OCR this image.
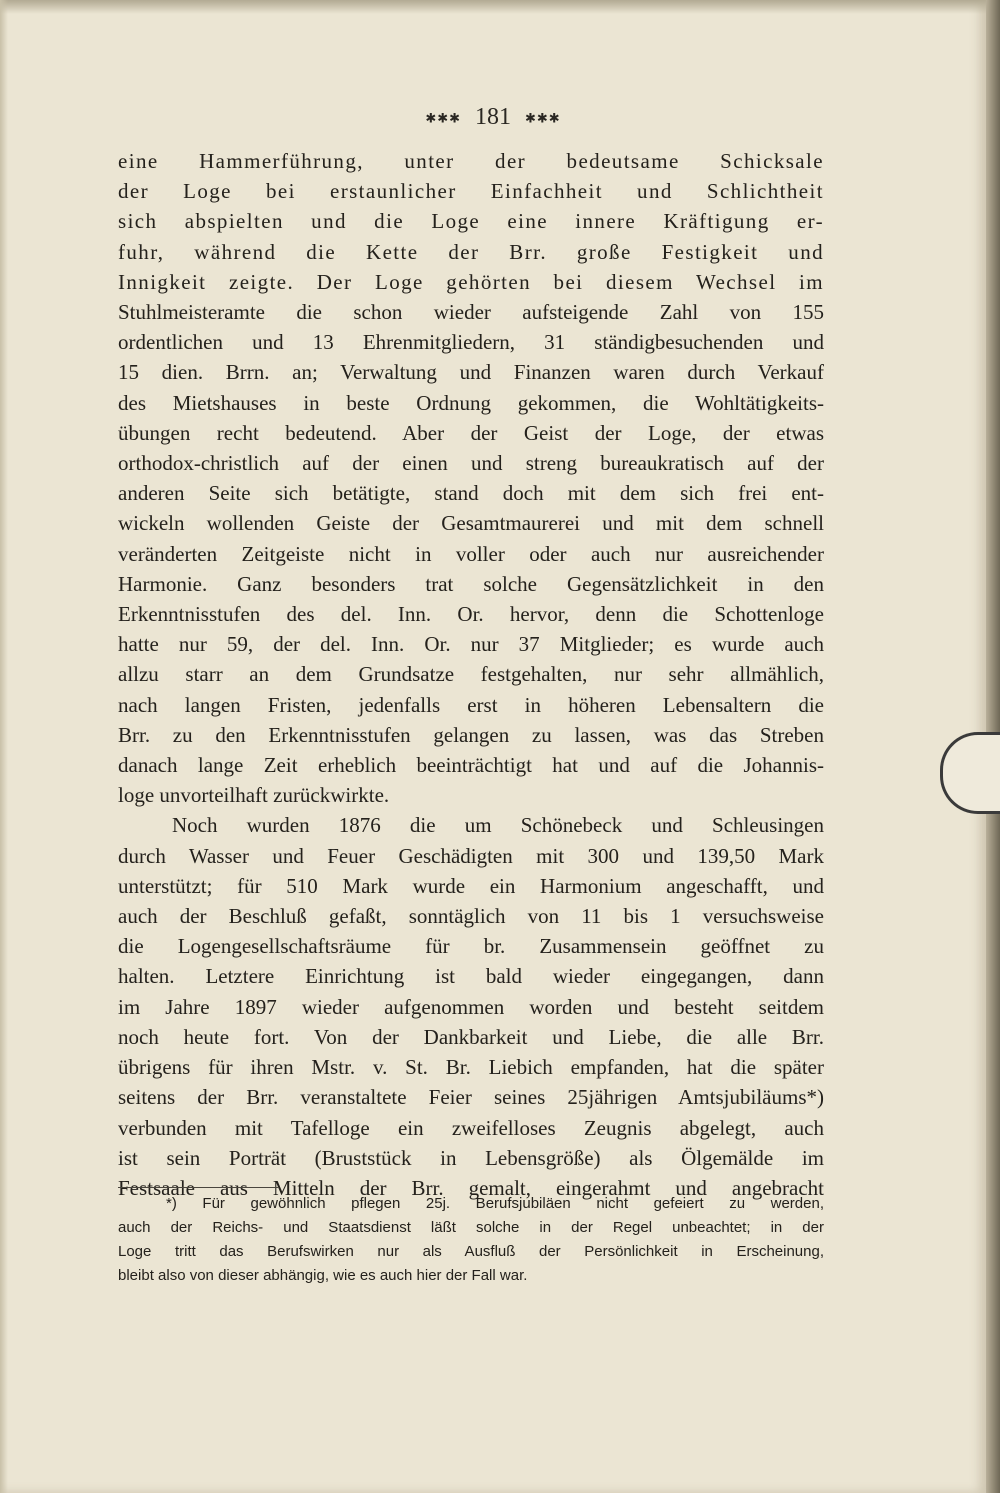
✱✱✱ 181 ✱✱✱
eine Hammerführung, unter der bedeutsame Schicksale
der Loge bei erstaunlicher Einfachheit und Schlichtheit
sich abspielten und die Loge eine innere Kräftigung er-
fuhr, während die Kette der Brr. große Festigkeit und
Innigkeit zeigte. Der Loge gehörten bei diesem Wechsel im
Stuhlmeisteramte die schon wieder aufsteigende Zahl von 155
ordentlichen und 13 Ehrenmitgliedern, 31 ständigbesuchenden und
15 dien. Brrn. an; Verwaltung und Finanzen waren durch Verkauf
des Mietshauses in beste Ordnung gekommen, die Wohltätigkeits-
übungen recht bedeutend. Aber der Geist der Loge, der etwas
orthodox-christlich auf der einen und streng bureaukratisch auf der
anderen Seite sich betätigte, stand doch mit dem sich frei ent-
wickeln wollenden Geiste der Gesamtmaurerei und mit dem schnell
veränderten Zeitgeiste nicht in voller oder auch nur ausreichender
Harmonie. Ganz besonders trat solche Gegensätzlichkeit in den
Erkenntnisstufen des del. Inn. Or. hervor, denn die Schottenloge
hatte nur 59, der del. Inn. Or. nur 37 Mitglieder; es wurde auch
allzu starr an dem Grundsatze festgehalten, nur sehr allmählich,
nach langen Fristen, jedenfalls erst in höheren Lebensaltern die
Brr. zu den Erkenntnisstufen gelangen zu lassen, was das Streben
danach lange Zeit erheblich beeinträchtigt hat und auf die Johannis-
loge unvorteilhaft zurückwirkte.
Noch wurden 1876 die um Schönebeck und Schleusingen
durch Wasser und Feuer Geschädigten mit 300 und 139,50 Mark
unterstützt; für 510 Mark wurde ein Harmonium angeschafft, und
auch der Beschluß gefaßt, sonntäglich von 11 bis 1 versuchsweise
die Logengesellschaftsräume für br. Zusammensein geöffnet zu
halten. Letztere Einrichtung ist bald wieder eingegangen, dann
im Jahre 1897 wieder aufgenommen worden und besteht seitdem
noch heute fort. Von der Dankbarkeit und Liebe, die alle Brr.
übrigens für ihren Mstr. v. St. Br. Liebich empfanden, hat die später
seitens der Brr. veranstaltete Feier seines 25jährigen Amtsjubiläums*)
verbunden mit Tafelloge ein zweifelloses Zeugnis abgelegt, auch
ist sein Porträt (Bruststück in Lebensgröße) als Ölgemälde im
Festsaale aus Mitteln der Brr. gemalt, eingerahmt und angebracht
*) Für gewöhnlich pflegen 25j. Berufsjubiläen nicht gefeiert zu werden,
auch der Reichs- und Staatsdienst läßt solche in der Regel unbeachtet; in der
Loge tritt das Berufswirken nur als Ausfluß der Persönlichkeit in Erscheinung,
bleibt also von dieser abhängig, wie es auch hier der Fall war.
